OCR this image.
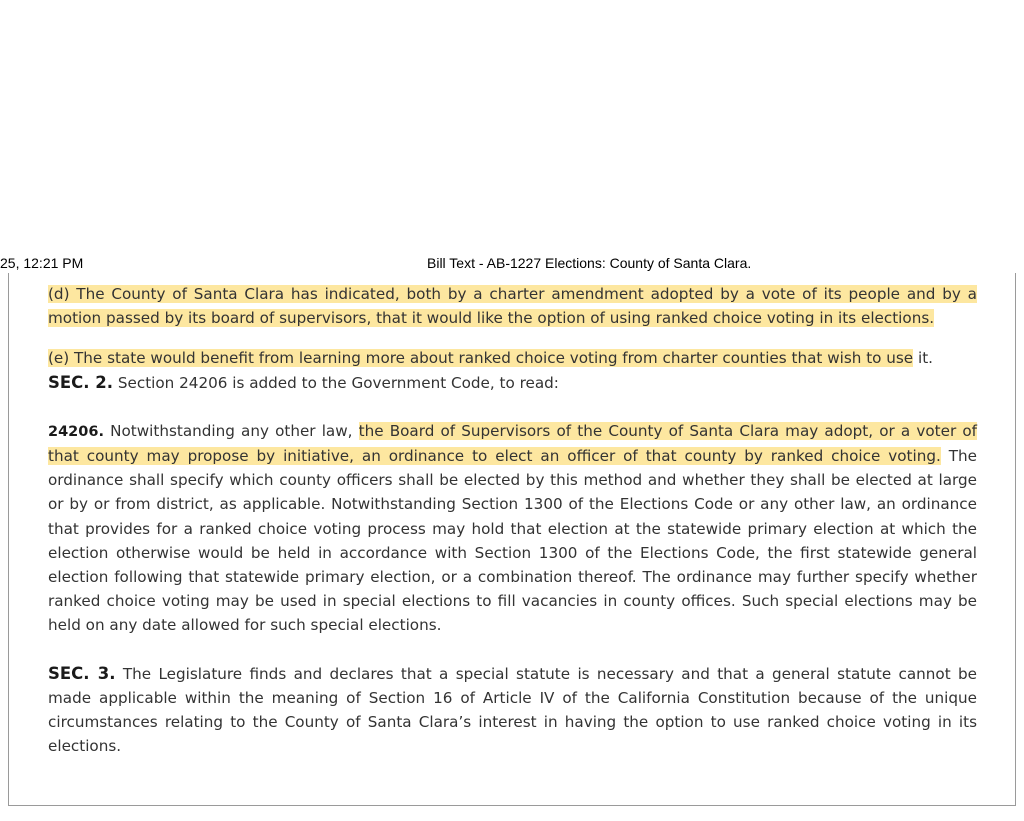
25, 12:21 PM	Bill Text - AB-1227 Elections: County of Santa Clara.

(d) The County of Santa Clara has indicated, both by a charter amendment adopted by a vote of its people and by a motion passed by its board of supervisors, that it would like the option of using ranked choice voting in its elections.

(e) The state would benefit from learning more about ranked choice voting from charter counties that wish to use it.

SEC. 2. Section 24206 is added to the Government Code, to read:

24206. Notwithstanding any other law, the Board of Supervisors of the County of Santa Clara may adopt, or a voter of that county may propose by initiative, an ordinance to elect an officer of that county by ranked choice voting. The ordinance shall specify which county officers shall be elected by this method and whether they shall be elected at large or by or from district, as applicable. Notwithstanding Section 1300 of the Elections Code or any other law, an ordinance that provides for a ranked choice voting process may hold that election at the statewide primary election at which the election otherwise would be held in accordance with Section 1300 of the Elections Code, the first statewide general election following that statewide primary election, or a combination thereof. The ordinance may further specify whether ranked choice voting may be used in special elections to fill vacancies in county offices. Such special elections may be held on any date allowed for such special elections.

SEC. 3. The Legislature finds and declares that a special statute is necessary and that a general statute cannot be made applicable within the meaning of Section 16 of Article IV of the California Constitution because of the unique circumstances relating to the County of Santa Clara’s interest in having the option to use ranked choice voting in its elections.
